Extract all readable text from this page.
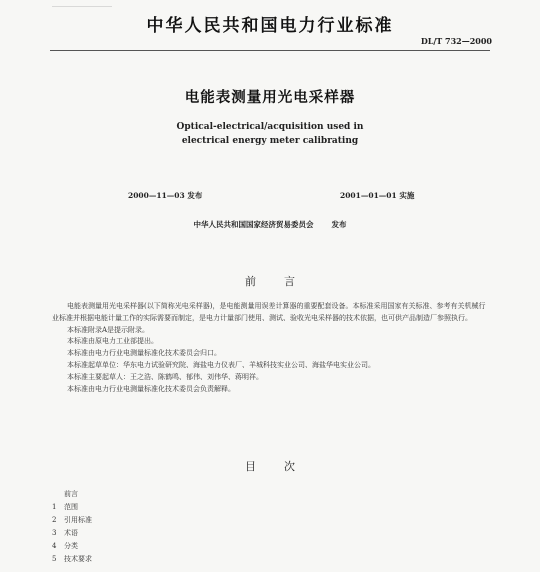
中华人民共和国电力行业标准
DL/T 732—2000
电能表测量用光电采样器
Optical-electrical/acquisition used in
electrical energy meter calibrating
2000—11—03 发布	2001—01—01 实施
中华人民共和国国家经济贸易委员会 发布
前言

电能表测量用光电采样器(以下简称光电采样器)，是电能测量用误差计算器的重要配套设备。本标准采用国家有关标准、参考有关机械行业标准并根据电能计量工作的实际需要而制定，是电力计量部门使用、测试、验收光电采样器的技术依据，也可供产品制造厂参照执行。

本标准附录A是提示附录。

本标准由原电力工业部提出。

本标准由电力行业电测量标准化技术委员会归口。

本标准起草单位：华东电力试验研究院、海盐电力仪表厂、羊城科技实业公司、海盐华电实业公司。

本标准主要起草人：王之浩、陈鹤鸣、郁伟、刘伟华、蒋明祥。

本标准由电力行业电测量标准化技术委员会负责解释。

目次
前言
1 范围
2 引用标准
3 术语
4 分类
5 技术要求
